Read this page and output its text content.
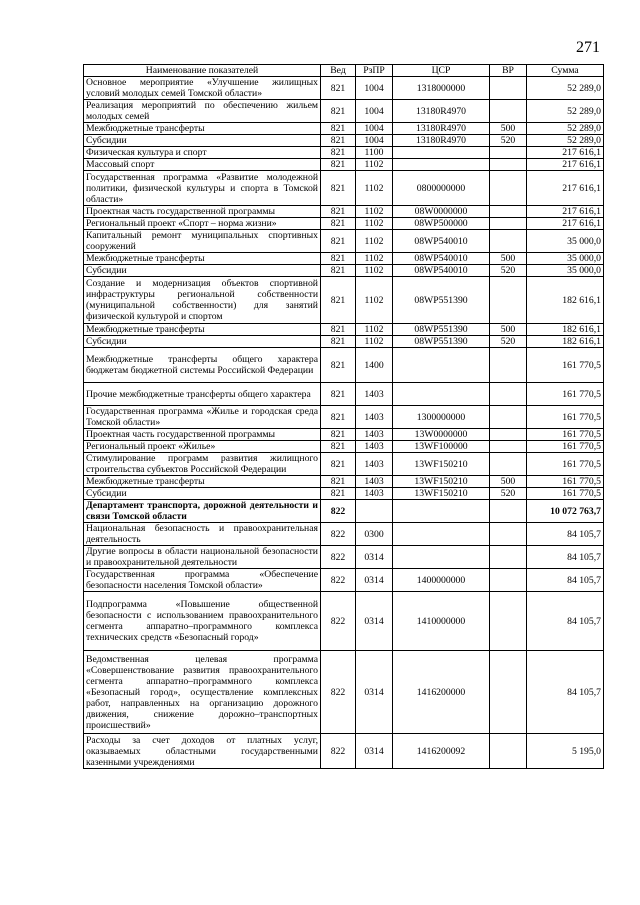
271
Наименование показателей	Вед	РзПР	ЦСР	ВР	Сумма
Основное мероприятие «Улучшение жилищных условий молодых семей Томской области»	821	1004	1318000000		52 289,0
Реализация мероприятий по обеспечению жильем молодых семей	821	1004	13180R4970		52 289,0
Межбюджетные трансферты	821	1004	13180R4970	500	52 289,0
Субсидии	821	1004	13180R4970	520	52 289,0
Физическая культура и спорт	821	1100			217 616,1
Массовый спорт	821	1102			217 616,1
Государственная программа «Развитие молодежной политики, физической культуры и спорта в Томской области»	821	1102	0800000000		217 616,1
Проектная часть государственной программы	821	1102	08W0000000		217 616,1
Региональный проект «Спорт – норма жизни»	821	1102	08WP500000		217 616,1
Капитальный ремонт муниципальных спортивных сооружений	821	1102	08WP540010		35 000,0
Межбюджетные трансферты	821	1102	08WP540010	500	35 000,0
Субсидии	821	1102	08WP540010	520	35 000,0
Создание и модернизация объектов спортивной инфраструктуры региональной собственности (муниципальной собственности) для занятий физической культурой и спортом	821	1102	08WP551390		182 616,1
Межбюджетные трансферты	821	1102	08WP551390	500	182 616,1
Субсидии	821	1102	08WP551390	520	182 616,1
Межбюджетные трансферты общего характера бюджетам бюджетной системы Российской Федерации	821	1400			161 770,5
Прочие межбюджетные трансферты общего характера	821	1403			161 770,5
Государственная программа «Жилье и городская среда Томской области»	821	1403	1300000000		161 770,5
Проектная часть государственной программы	821	1403	13W0000000		161 770,5
Региональный проект «Жилье»	821	1403	13WF100000		161 770,5
Стимулирование программ развития жилищного строительства субъектов Российской Федерации	821	1403	13WF150210		161 770,5
Межбюджетные трансферты	821	1403	13WF150210	500	161 770,5
Субсидии	821	1403	13WF150210	520	161 770,5
Департамент транспорта, дорожной деятельности и связи Томской области	822				10 072 763,7
Национальная безопасность и правоохранительная деятельность	822	0300			84 105,7
Другие вопросы в области национальной безопасности и правоохранительной деятельности	822	0314			84 105,7
Государственная программа «Обеспечение безопасности населения Томской области»	822	0314	1400000000		84 105,7
Подпрограмма «Повышение общественной безопасности с использованием правоохранительного сегмента аппаратно–программного комплекса технических средств «Безопасный город»	822	0314	1410000000		84 105,7
Ведомственная целевая программа «Совершенствование развития правоохранительного сегмента аппаратно–программного комплекса «Безопасный город», осуществление комплексных работ, направленных на организацию дорожного движения, снижение дорожно–транспортных происшествий»	822	0314	1416200000		84 105,7
Расходы за счет доходов от платных услуг, оказываемых областными государственными казенными учреждениями	822	0314	1416200092		5 195,0
